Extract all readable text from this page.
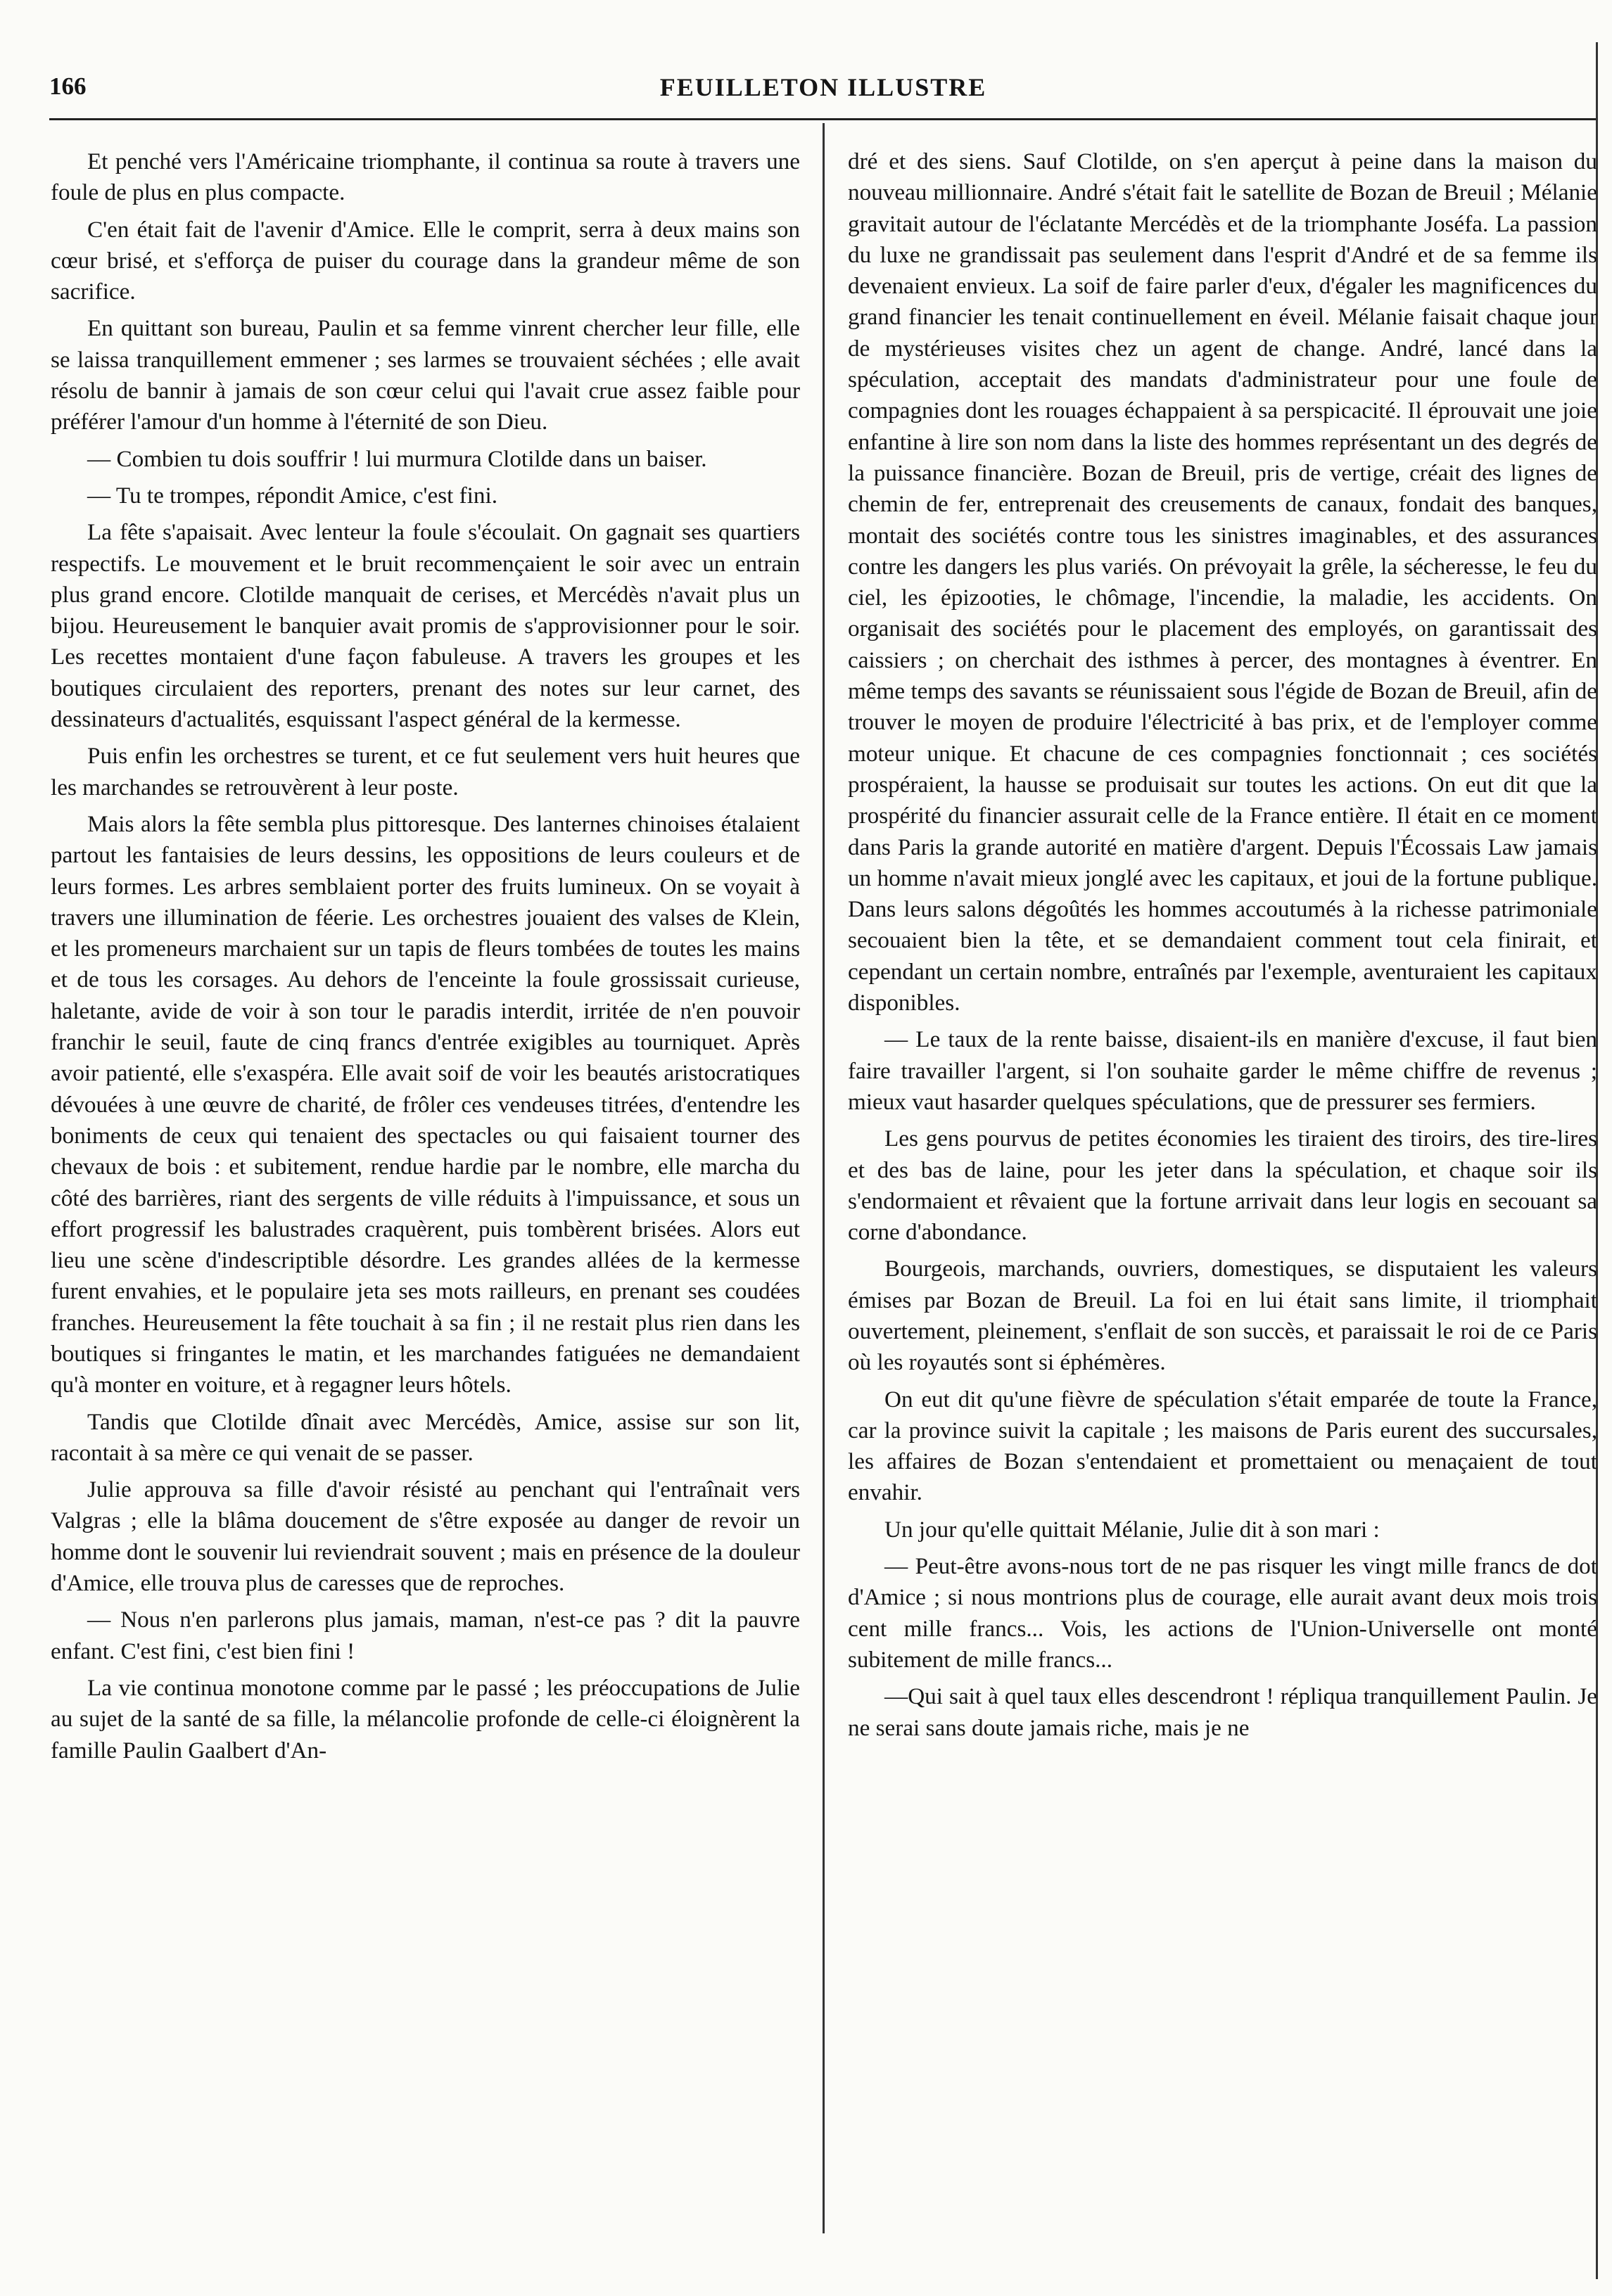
166	FEUILLETON ILLUSTRE

Et penché vers l'Américaine triomphante, il continua sa route à travers une foule de plus en plus compacte.

C'en était fait de l'avenir d'Amice. Elle le comprit, serra à deux mains son cœur brisé, et s'efforça de puiser du courage dans la grandeur même de son sacrifice.

En quittant son bureau, Paulin et sa femme vinrent chercher leur fille, elle se laissa tranquillement emmener ; ses larmes se trouvaient séchées ; elle avait résolu de bannir à jamais de son cœur celui qui l'avait crue assez faible pour préférer l'amour d'un homme à l'éternité de son Dieu.

— Combien tu dois souffrir ! lui murmura Clotilde dans un baiser.

— Tu te trompes, répondit Amice, c'est fini.

La fête s'apaisait. Avec lenteur la foule s'écoulait. On gagnait ses quartiers respectifs. Le mouvement et le bruit recommençaient le soir avec un entrain plus grand encore. Clotilde manquait de cerises, et Mercédès n'avait plus un bijou. Heureusement le banquier avait promis de s'approvisionner pour le soir. Les recettes montaient d'une façon fabuleuse. A travers les groupes et les boutiques circulaient des reporters, prenant des notes sur leur carnet, des dessinateurs d'actualités, esquissant l'aspect général de la kermesse.

Puis enfin les orchestres se turent, et ce fut seulement vers huit heures que les marchandes se retrouvèrent à leur poste.

Mais alors la fête sembla plus pittoresque. Des lanternes chinoises étalaient partout les fantaisies de leurs dessins, les oppositions de leurs couleurs et de leurs formes. Les arbres semblaient porter des fruits lumineux. On se voyait à travers une illumination de féerie. Les orchestres jouaient des valses de Klein, et les promeneurs marchaient sur un tapis de fleurs tombées de toutes les mains et de tous les corsages. Au dehors de l'enceinte la foule grossissait curieuse, haletante, avide de voir à son tour le paradis interdit, irritée de n'en pouvoir franchir le seuil, faute de cinq francs d'entrée exigibles au tourniquet. Après avoir patienté, elle s'exaspéra. Elle avait soif de voir les beautés aristocratiques dévouées à une œuvre de charité, de frôler ces vendeuses titrées, d'entendre les boniments de ceux qui tenaient des spectacles ou qui faisaient tourner des chevaux de bois : et subitement, rendue hardie par le nombre, elle marcha du côté des barrières, riant des sergents de ville réduits à l'impuissance, et sous un effort progressif les balustrades craquèrent, puis tombèrent brisées. Alors eut lieu une scène d'indescriptible désordre. Les grandes allées de la kermesse furent envahies, et le populaire jeta ses mots railleurs, en prenant ses coudées franches. Heureusement la fête touchait à sa fin ; il ne restait plus rien dans les boutiques si fringantes le matin, et les marchandes fatiguées ne demandaient qu'à monter en voiture, et à regagner leurs hôtels.

Tandis que Clotilde dînait avec Mercédès, Amice, assise sur son lit, racontait à sa mère ce qui venait de se passer.

Julie approuva sa fille d'avoir résisté au penchant qui l'entraînait vers Valgras ; elle la blâma doucement de s'être exposée au danger de revoir un homme dont le souvenir lui reviendrait souvent ; mais en présence de la douleur d'Amice, elle trouva plus de caresses que de reproches.

— Nous n'en parlerons plus jamais, maman, n'est-ce pas ? dit la pauvre enfant. C'est fini, c'est bien fini !

La vie continua monotone comme par le passé ; les préoccupations de Julie au sujet de la santé de sa fille, la mélancolie profonde de celle-ci éloignèrent la famille Paulin Gaalbert d'An-

dré et des siens. Sauf Clotilde, on s'en aperçut à peine dans la maison du nouveau millionnaire. André s'était fait le satellite de Bozan de Breuil ; Mélanie gravitait autour de l'éclatante Mercédès et de la triomphante Joséfa. La passion du luxe ne grandissait pas seulement dans l'esprit d'André et de sa femme ils devenaient envieux. La soif de faire parler d'eux, d'égaler les magnificences du grand financier les tenait continuellement en éveil. Mélanie faisait chaque jour de mystérieuses visites chez un agent de change. André, lancé dans la spéculation, acceptait des mandats d'administrateur pour une foule de compagnies dont les rouages échappaient à sa perspicacité. Il éprouvait une joie enfantine à lire son nom dans la liste des hommes représentant un des degrés de la puissance financière. Bozan de Breuil, pris de vertige, créait des lignes de chemin de fer, entreprenait des creusements de canaux, fondait des banques, montait des sociétés contre tous les sinistres imaginables, et des assurances contre les dangers les plus variés. On prévoyait la grêle, la sécheresse, le feu du ciel, les épizooties, le chômage, l'incendie, la maladie, les accidents. On organisait des sociétés pour le placement des employés, on garantissait des caissiers ; on cherchait des isthmes à percer, des montagnes à éventrer. En même temps des savants se réunissaient sous l'égide de Bozan de Breuil, afin de trouver le moyen de produire l'électricité à bas prix, et de l'employer comme moteur unique. Et chacune de ces compagnies fonctionnait ; ces sociétés prospéraient, la hausse se produisait sur toutes les actions. On eut dit que la prospérité du financier assurait celle de la France entière. Il était en ce moment dans Paris la grande autorité en matière d'argent. Depuis l'Écossais Law jamais un homme n'avait mieux jonglé avec les capitaux, et joui de la fortune publique. Dans leurs salons dégoûtés les hommes accoutumés à la richesse patrimoniale secouaient bien la tête, et se demandaient comment tout cela finirait, et cependant un certain nombre, entraînés par l'exemple, aventuraient les capitaux disponibles.

— Le taux de la rente baisse, disaient-ils en manière d'excuse, il faut bien faire travailler l'argent, si l'on souhaite garder le même chiffre de revenus ; mieux vaut hasarder quelques spéculations, que de pressurer ses fermiers.

Les gens pourvus de petites économies les tiraient des tiroirs, des tire-lires et des bas de laine, pour les jeter dans la spéculation, et chaque soir ils s'endormaient et rêvaient que la fortune arrivait dans leur logis en secouant sa corne d'abondance.

Bourgeois, marchands, ouvriers, domestiques, se disputaient les valeurs émises par Bozan de Breuil. La foi en lui était sans limite, il triomphait ouvertement, pleinement, s'enflait de son succès, et paraissait le roi de ce Paris où les royautés sont si éphémères.

On eut dit qu'une fièvre de spéculation s'était emparée de toute la France, car la province suivit la capitale ; les maisons de Paris eurent des succursales, les affaires de Bozan s'entendaient et promettaient ou menaçaient de tout envahir.

Un jour qu'elle quittait Mélanie, Julie dit à son mari :

— Peut-être avons-nous tort de ne pas risquer les vingt mille francs de dot d'Amice ; si nous montrions plus de courage, elle aurait avant deux mois trois cent mille francs... Vois, les actions de l'Union-Universelle ont monté subitement de mille francs...

—Qui sait à quel taux elles descendront ! répliqua tranquillement Paulin. Je ne serai sans doute jamais riche, mais je ne
